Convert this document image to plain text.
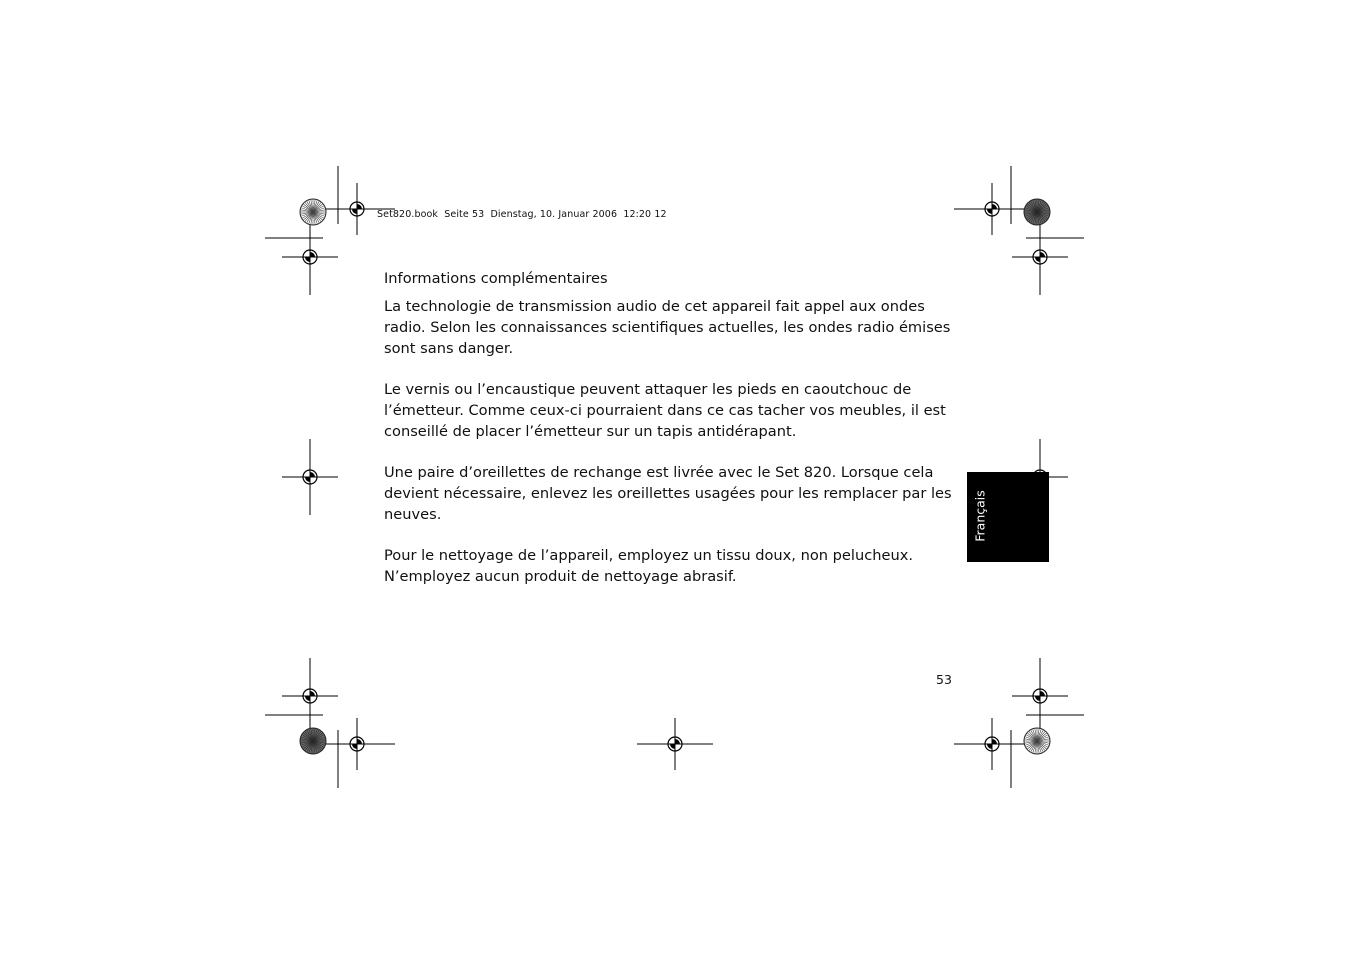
Set820.book  Seite 53  Dienstag, 10. Januar 2006  12:20 12
Informations complémentaires

La technologie de transmission audio de cet appareil fait appel aux ondes
radio. Selon les connaissances scientifiques actuelles, les ondes radio émises
sont sans danger.

Le vernis ou l’encaustique peuvent attaquer les pieds en caoutchouc de
l’émetteur. Comme ceux-ci pourraient dans ce cas tacher vos meubles, il est
conseillé de placer l’émetteur sur un tapis antidérapant.

Une paire d’oreillettes de rechange est livrée avec le Set 820. Lorsque cela
devient nécessaire, enlevez les oreillettes usagées pour les remplacer par les
neuves.

Pour le nettoyage de l’appareil, employez un tissu doux, non pelucheux.
N’employez aucun produit de nettoyage abrasif.

Français
53
